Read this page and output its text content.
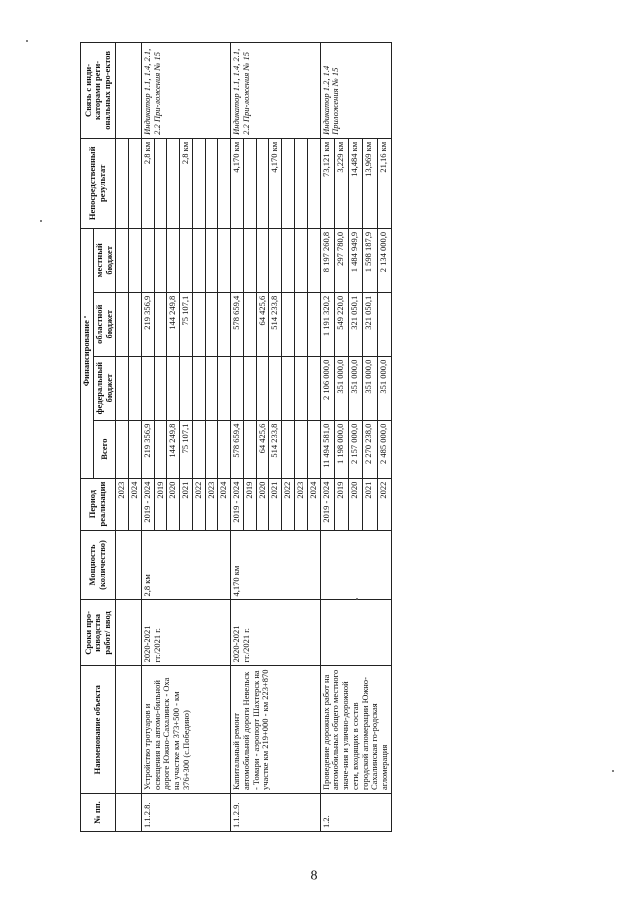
8
№ пп.	Наименование объекта	Сроки про-изводства работ/ ввод	Мощность (количество)	Период реализации	Финансирование				Непосредственный результат	Связь с инди-каторами реги-ональных про-ектов
					Всего	федеральный бюджет	областной бюджет	местный бюджет		
				2023						
				2024						
1.1.2.8.	Устройство тротуаров и освещения на автомо-бильной дороге Южно-Сахалинск - Оха на участке км 373+500 - км 376+300 (с.Победино)	2020-2021 гг./2021 г.	2,8 км	2019 - 2024	219 356,9		219 356,9		2,8 км	Индикатор 1.1, 1.4, 2.1, 2.2 При-ложения № 15
				2019						
				2020	144 249,8		144 249,8			
				2021	75 107,1		75 107,1		2,8 км	
				2022						
				2023						
				2024						
1.1.2.9.	Капитальный ремонт автомобильной дороги Невельск - Томари - аэропорт Шахтерск на участке км 219+000 - км 223+870	2020-2021 гг./2021 г.	4,170 км	2019 - 2024	578 659,4		578 659,4		4,170 км	Индикатор 1.1, 1.4, 2.1, 2.2 При-ложения № 15
				2019						
				2020	64 425,6		64 425,6			
				2021	514 233,8		514 233,8		4,170 км	
				2022						
				2023						
				2024						
1.2.	Проведение дорожных работ на автомобильных общего местного значе-ния и улично-дорожной сети, входящих в состав городской агломерации Южно-Сахалинская го-родская агломерация			2019 - 2024	11 494 581,0	2 106 000,0	1 191 320,2	8 197 260,8	73,121 км	Индикатор 1.2, 1.4 Приложения № 15
				2019	1 198 000,0	351 000,0	549 220,0	297 780,0	3,229 км	
				2020	2 157 000,0	351 000,0	321 050,1	1 484 949,9	14,484 км	
				2021	2 270 238,0	351 000,0	321 050,1	1 598 187,9	13,969 км	
				2022	2 485 000,0	351 000,0		2 134 000,0	21,16 км	
